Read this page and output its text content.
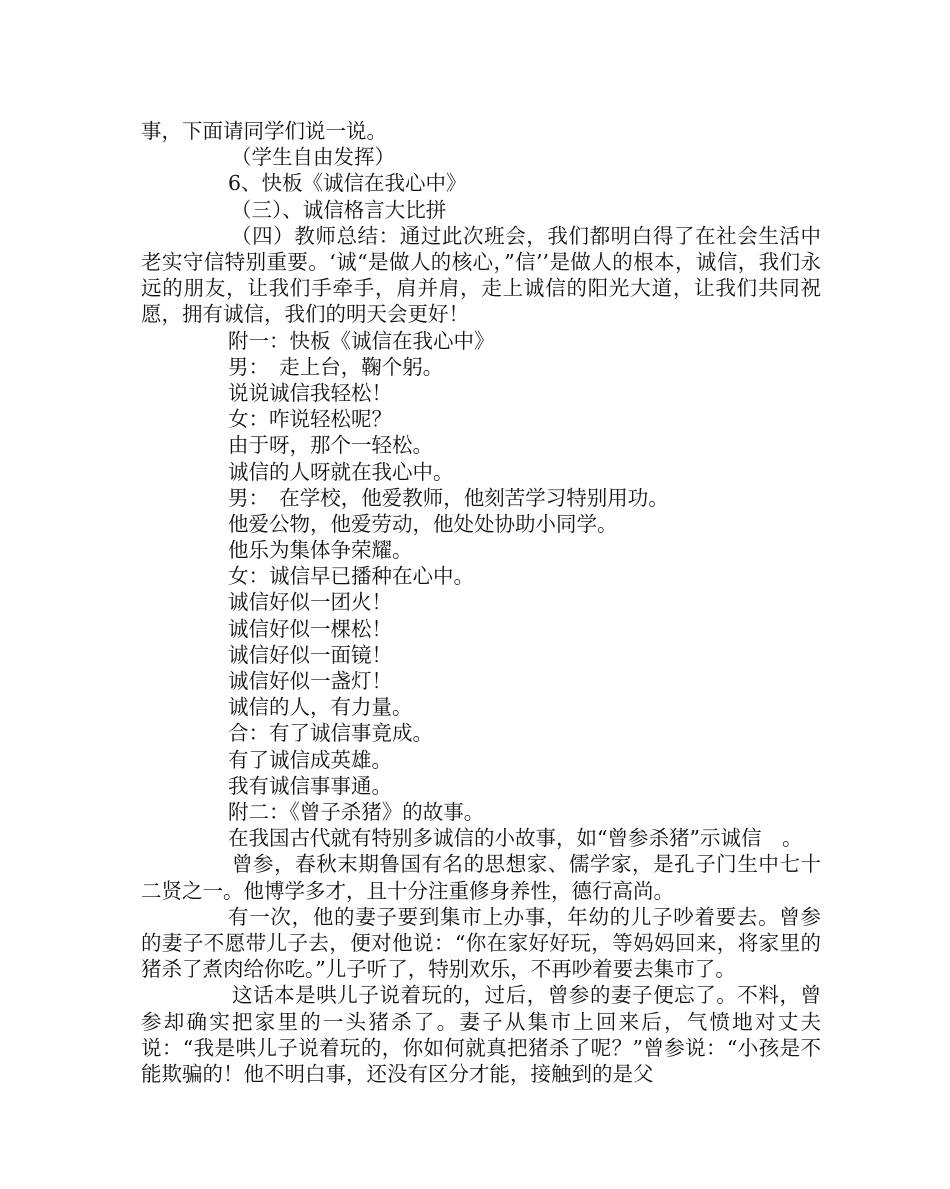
事，下面请同学们说一说。
（学生自由发挥）
6、快板《诚信在我心中》
（三）、诚信格言大比拼
（四）教师总结：通过此次班会，我们都明白得了在社会生活中老实守信特别重要。‘诚“是做人的核心，”信’’是做人的根本，诚信，我们永远的朋友，让我们手牵手，肩并肩，走上诚信的阳光大道，让我们共同祝愿，拥有诚信，我们的明天会更好！
附一：快板《诚信在我心中》
男：　走上台，鞠个躬。
说说诚信我轻松！
女：咋说轻松呢？
由于呀，那个一轻松。
诚信的人呀就在我心中。
男：　在学校，他爱教师，他刻苦学习特别用功。
他爱公物，他爱劳动，他处处协助小同学。
他乐为集体争荣耀。
女：诚信早已播种在心中。
诚信好似一团火！
诚信好似一棵松！
诚信好似一面镜！
诚信好似一盏灯！
诚信的人，有力量。
合：有了诚信事竟成。
有了诚信成英雄。
我有诚信事事通。
附二：《曾子杀猪》的故事。
在我国古代就有特别多诚信的小故事，如“曾参杀猪”示诚信　。
曾参，春秋末期鲁国有名的思想家、儒学家，是孔子门生中七十二贤之一。他博学多才，且十分注重修身养性，德行高尚。
有一次，他的妻子要到集市上办事，年幼的儿子吵着要去。曾参的妻子不愿带儿子去，便对他说：“你在家好好玩，等妈妈回来，将家里的猪杀了煮肉给你吃。”儿子听了，特别欢乐，不再吵着要去集市了。
这话本是哄儿子说着玩的，过后，曾参的妻子便忘了。不料，曾参却确实把家里的一头猪杀了。妻子从集市上回来后，气愤地对丈夫说：“我是哄儿子说着玩的，你如何就真把猪杀了呢？”曾参说：“小孩是不能欺骗的！他不明白事，还没有区分才能，接触到的是父
